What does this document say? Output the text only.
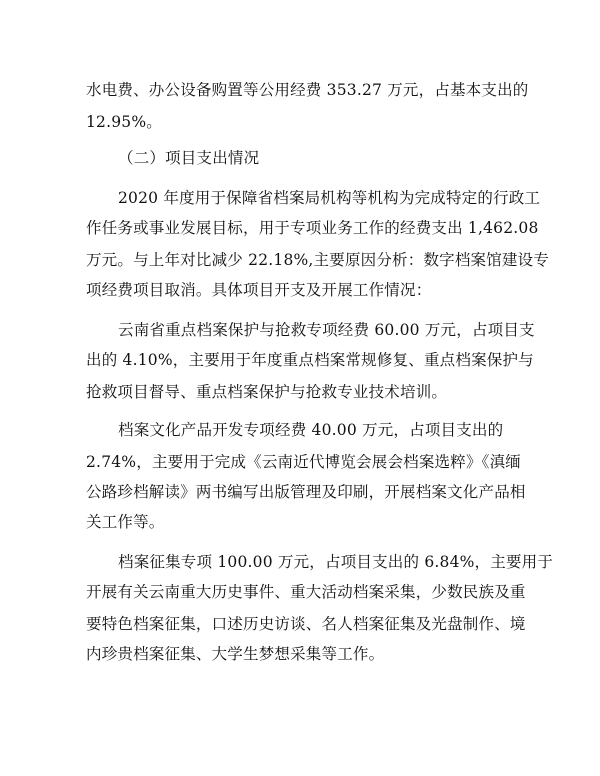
水电费、办公设备购置等公用经费 353.27 万元，占基本支出的
12.95%。
（二）项目支出情况
2020 年度用于保障省档案局机构等机构为完成特定的行政工
作任务或事业发展目标，用于专项业务工作的经费支出 1,462.08
万元。与上年对比减少 22.18%,主要原因分析：数字档案馆建设专
项经费项目取消。具体项目开支及开展工作情况：
云南省重点档案保护与抢救专项经费 60.00 万元，占项目支
出的 4.10%，主要用于年度重点档案常规修复、重点档案保护与
抢救项目督导、重点档案保护与抢救专业技术培训。
档案文化产品开发专项经费 40.00 万元，占项目支出的
2.74%，主要用于完成《云南近代博览会展会档案选粹》《滇缅
公路珍档解读》两书编写出版管理及印刷，开展档案文化产品相
关工作等。
档案征集专项 100.00 万元，占项目支出的 6.84%，主要用于
开展有关云南重大历史事件、重大活动档案采集，少数民族及重
要特色档案征集，口述历史访谈、名人档案征集及光盘制作、境
内珍贵档案征集、大学生梦想采集等工作。
